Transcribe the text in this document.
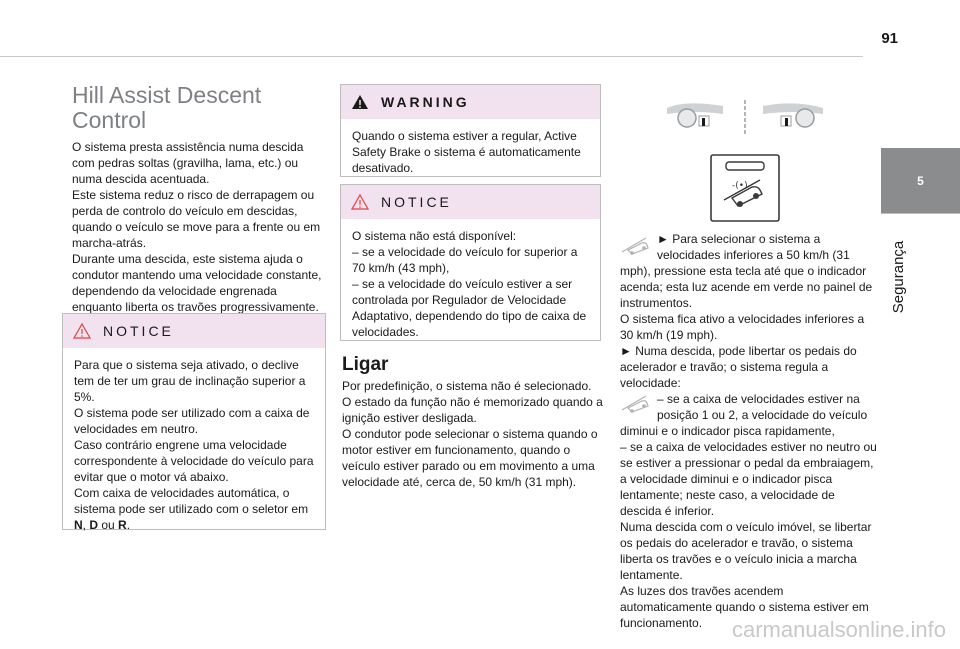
91
5
Segurança
Hill Assist Descent Control

O sistema presta assistência numa descida com pedras soltas (gravilha, lama, etc.) ou numa descida acentuada.

Este sistema reduz o risco de derrapagem ou perda de controlo do veículo em descidas, quando o veículo se move para a frente ou em marcha-atrás.

Durante uma descida, este sistema ajuda o condutor mantendo uma velocidade constante, dependendo da velocidade engrenada enquanto liberta os travões progressivamente.

NOTICE

Para que o sistema seja ativado, o declive tem de ter um grau de inclinação superior a 5%.

O sistema pode ser utilizado com a caixa de velocidades em neutro.

Caso contrário engrene uma velocidade correspondente à velocidade do veículo para evitar que o motor vá abaixo.

Com caixa de velocidades automática, o sistema pode ser utilizado com o seletor em N, D ou R.

WARNING

Quando o sistema estiver a regular, Active Safety Brake o sistema é automaticamente desativado.

NOTICE

O sistema não está disponível:

– se a velocidade do veículo for superior a 70 km/h (43 mph),

– se a velocidade do veículo estiver a ser controlada por Regulador de Velocidade Adaptativo, dependendo do tipo de caixa de velocidades.

Ligar

Por predefinição, o sistema não é selecionado.

O estado da função não é memorizado quando a ignição estiver desligada.

O condutor pode selecionar o sistema quando o motor estiver em funcionamento, quando o veículo estiver parado ou em movimento a uma velocidade até, cerca de, 50 km/h (31 mph).

-(•)-

► Para selecionar o sistema a

velocidades inferiores a 50 km/h (31 mph), pressione esta tecla até que o indicador acenda; esta luz acende em verde no painel de instrumentos.

O sistema fica ativo a velocidades inferiores a 30 km/h (19 mph).

► Numa descida, pode libertar os pedais do acelerador e travão; o sistema regula a velocidade:

– se a caixa de velocidades estiver na

posição 1 ou 2, a velocidade do veículo diminui e o indicador pisca rapidamente,

– se a caixa de velocidades estiver no neutro ou se estiver a pressionar o pedal da embraiagem, a velocidade diminui e o indicador pisca lentamente; neste caso, a velocidade de descida é inferior.

Numa descida com o veículo imóvel, se libertar os pedais do acelerador e travão, o sistema liberta os travões e o veículo inicia a marcha lentamente.

As luzes dos travões acendem automaticamente quando o sistema estiver em funcionamento.	carmanualsonline.info
